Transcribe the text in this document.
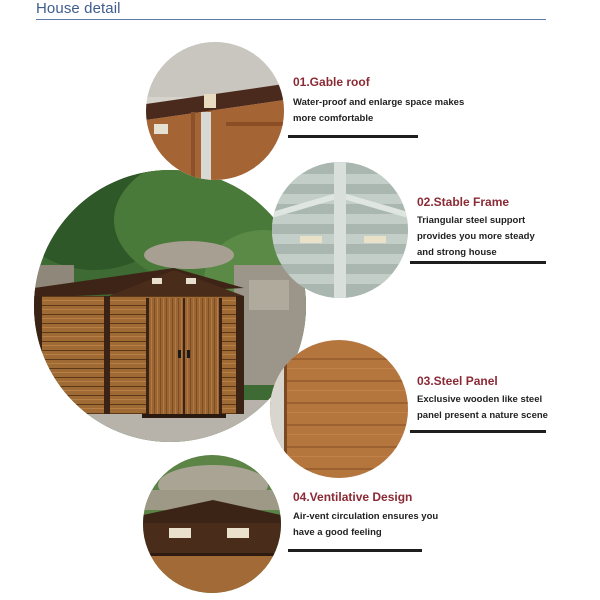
House detail
01.Gable roof
Water-proof and enlarge space makes
more comfortable
02.Stable Frame
Triangular steel support
provides you more steady
and strong house
03.Steel Panel
Exclusive wooden like steel
panel present a nature scene
04.Ventilative Design
Air-vent circulation ensures you
have a good feeling
